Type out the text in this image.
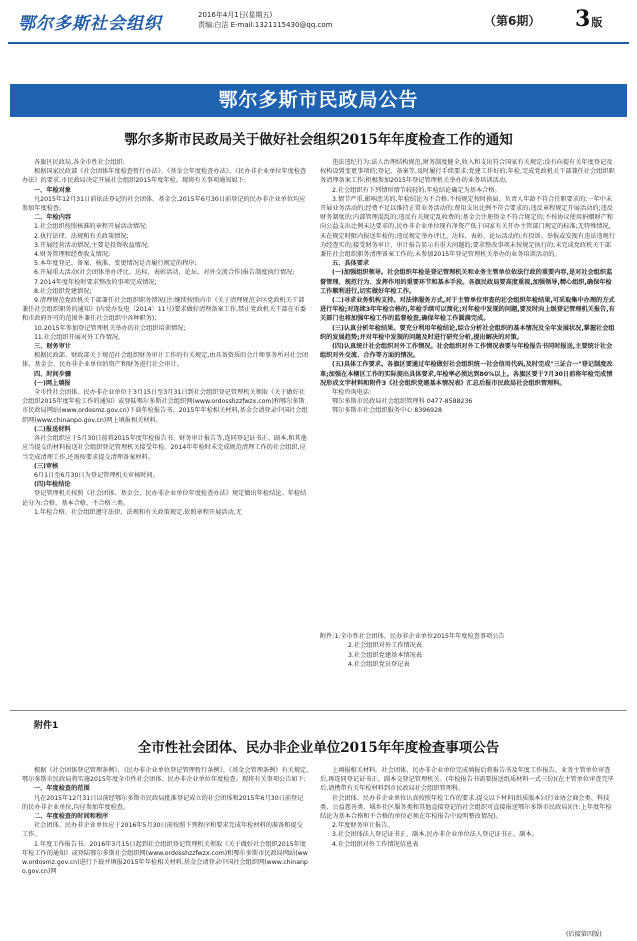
鄂尔多斯社会组织	2016年4月1日(星期五)
责编:白洁 E-mail:1321115430@qq.com	（第6期） 3版
鄂尔多斯市民政局公告
鄂尔多斯市民政局关于做好社会组织2015年年度检查工作的通知

各旗区民政局,各全市性社会组织:

根据国家民政部《社会团体年度检查暂行办法》、《基金会年度检查办法》、《民办非企业单位年度检查办法》的要求,市民政局决定开展社会组织2015年度年检。现将有关事项通知如下:

一、年检对象

凡2015年12月31日前依法登记的社会团体、基金会,2015年6月30日前登记的民办非企业单位均应参加年度检查。

二、年检内容

1.社会组织按照核准的章程开展活动情况;

2.执行法律、法规和有关政策情况;

3.开展经营活动情况,主要是投资收益情况;

4.财务管理和经费收支情况;

5.本年度登记、备案、核准、变更情况是否履行规定的程序;

6.开展重大活动(社会团体举办评比、达标、表彰活动、论坛、对外交流合作)报告制度执行情况;

7.2014年度年检时要求整改的事项完成情况;

8.社会组织党建情况;

9.清理规范党政机关干部兼任社会组织职务情况(注:继续按照内市《关于清理规范全区党政机关干部兼任社会组织职务的通知》(内党办发电〔2014〕11号)要求做好清理备案工作,禁止党政机关干部在市委和市政府许可的范围外兼任社会组织中各种职务);

10.2015年参加登记管理机关举办的社会组织培训情况;

11.社会组织开展对外工作情况。

三、财务审计

根据民政部、财政部关于规范社会组织财务审计工作的有关规定,由具备资质的会计师事务所对社会团体、基金会、民办非企业单位的资产和财务进行社会审计。

四、时间步骤

(一)网上填报

全市性社会团体、民办非企业单位于3月15日至3月31日到社会组织登记管理机关领取《关于做好社会组织2015年度年检工作的通知》或登陆鄂尔多斯社会组织网(www.ordosshzzfwzx.com)和鄂尔多斯市民政局网站(www.ordosmz.gov.cn)下载年检报告书。2015年年检相关材料,基金会请登录中国社会组织网(www.chinanpo.gov.cn)网上填报相关材料。

(二)报送材料

各社会组织应于5月30日前将2015年度年检报告书、财务审计报告等,连同登记证书正、副本,和其他应当提交的材料报送社会组织登记管理机关接受年检。2014年年检时未完成规范清理工作的社会组织,应当完成清理工作,还需按要求提交清理备案材料。

(三)审核

6月1日至6月30日为登记管理机关审核时间。

(四)年检结论

登记管理机关按照《社会团体、基金会、民办非企业单位年度检查办法》规定做出年检结论。年检结论分为:合格、基本合格、不合格三类。

1.年检合格。社会组织遵守法律、法规和有关政策规定,依照章程开展活动,无

违法违纪行为;法人治理结构规范,财务制度健全,收入和支出符合国家有关规定;没有向提有关年度登记及权构设置变更事项的;登记、备案等,及时履行手续要求;党建工作好的;年检,完成党政机关干部兼任社会组织职务清理备案工作;积极参加2015年登记管理机关举办的业务培训活动。

2.社会组织有下列情形情节较轻的,年检结论确定为基本合格。

3.情节严重,影响恶劣的,年检结论为不合格:不按规定按时换届、负责人年龄不符合任职要求的;一年中未开展业务活动的;经费不足以维持正常业务活动的;费用支出比例不符合要求的;违反章程规定开展活动的;违反财务制度的;内部管理混乱的;违反有关规定乱收费的;基金会注册资金不符合规定的;不按协议使用捐赠财产和向公益支出比例未达要求的,民办非企业单位现有净资产低于国家有关开办主管部门规定的标准;无特殊情况,未在规定时限内报送年检的;违反规定举办评比、达标、表彰、论坛活动的;有投诉、举报或发现有违法违规行为经查实的;接受财务审计、审计报告显示有重大问题的;要求整改事项未按规定执行的;未完成党政机关干部兼任社会组织职务清理备案工作的;未参加2015年登记管理机关举办的业务培训活动的。

五、具体要求

(一)加强组织领导。社会组织年检是登记管理机关和业务主管单位依法行政的重要内容,是对社会组织监督管理、规范行为、发挥作用的重要环节和基本手段。各旗民政局要高度重视,加强领导,精心组织,确保年检工作顺利进行,切实做好年检工作。

(二)寻求业务机构支持。对法律服务方式,对于主管单位审查的社会组织年检结果,可采取集中办理的方式进行年检;对连续3年年检合格的,年检手续可以简化;对年检中发现的问题,要及时向上级登记管理机关报告,有关部门也将加强年检工作的监督检查,确保年检工作圆满完成。

(三)认真分析年检结果。要充分利用年检结论,综合分析社会组织的基本情况及全年发展状况,掌握社会组织的发展趋势;并对年检中发现的问题及时进行研究分析,提出解决的对策。

(四)认真统计社会组织对外工作情况。社会组织对外工作情况表要与年检报告书同时报送,主要统计社会组织对外交流、合作等方面的情况。

(五)具体工作要求。各旗区要通过年检做好社会组织统一社会信用代码,及时完成"三证合一"登记制度改革;加强在本辖区工作的实际提出具体要求,年检率必须达到80%以上。各旗区要于7月30日前将年检完成情况形成文字材料和附件3《社会组织党建基本情况表》汇总后报市民政局社会组织管理科。

年检咨询电话:

鄂尔多斯市民政局社会组织管理科 0477-8588236

鄂尔多斯市社会组织服务中心 8396928

附件:1.全市性社会团体、民办非企业单位2015年年度检查事项公告
2.社会组织对外工作情况表
3.社会组织党建基本情况表
4.社会组织党员登记表
附件1
全市性社会团体、民办非企业单位2015年年度检查事项公告

根据《社会团体登记管理条例》、《民办非企业单位登记管理暂行条例》、《基金会管理条例》有关规定,鄂尔多斯市民政局将实施2015年度全市性社会团体、民办非企业单位年度检查。现将有关事项公告如下:

一、年度检查的范围

凡在2015年12月31日以前经鄂尔多斯市民政局批准登记成立的社会团体和2015年6月30日前登记的民办非企业单位,均应参加年度检查。

二、年度检查的时间和程序

社会团体、民办非企业单位应于2016年5月30日前按照下列程序和要求完成年检材料的准备和提交工作。

1.年度工作报告书。2016年3月15日起到社会组织登记管理机关领取《关于做好社会组织2015年度年检工作的通知》或登陆鄂尔多斯社会组织网(www.ordosshzzfwzx.com)和鄂尔多斯市民政局网站(www.ordosmz.gov.cn)进行下载并填报2015年年检相关材料,基金会请登录中国社会组织网(www.chinanpo.gov.cn)网

上填报相关材料。社会团体、民办非企业单位完成填报后将报告书及年度工作报告、业务主管单位审查后,再连同登记证书正、副本交登记管理机关。(年检报告书需要报送纸质材料一式三份)(在主管单位审查完毕后,请携带有关年检材料到市民政局社会组织管理科。

社会团体、民办非企业单位认真按照年检工作的要求,提交以下材料(纸质版本):(行业协会商会类、科技类、公益慈善类、城乡社区服务类和其他直接登记的社会组织可直接报送鄂尔多斯市民政局)(注:上年度年检结论为基本合格和不合格的单位必须在年检报告中说明整改情况)。

2.年度财务审计报告。

3.社会团体法人登记证书正、副本,民办非企业单位法人登记证书正、副本。

4.社会组织对外工作情况信息表

(后接第四版)
